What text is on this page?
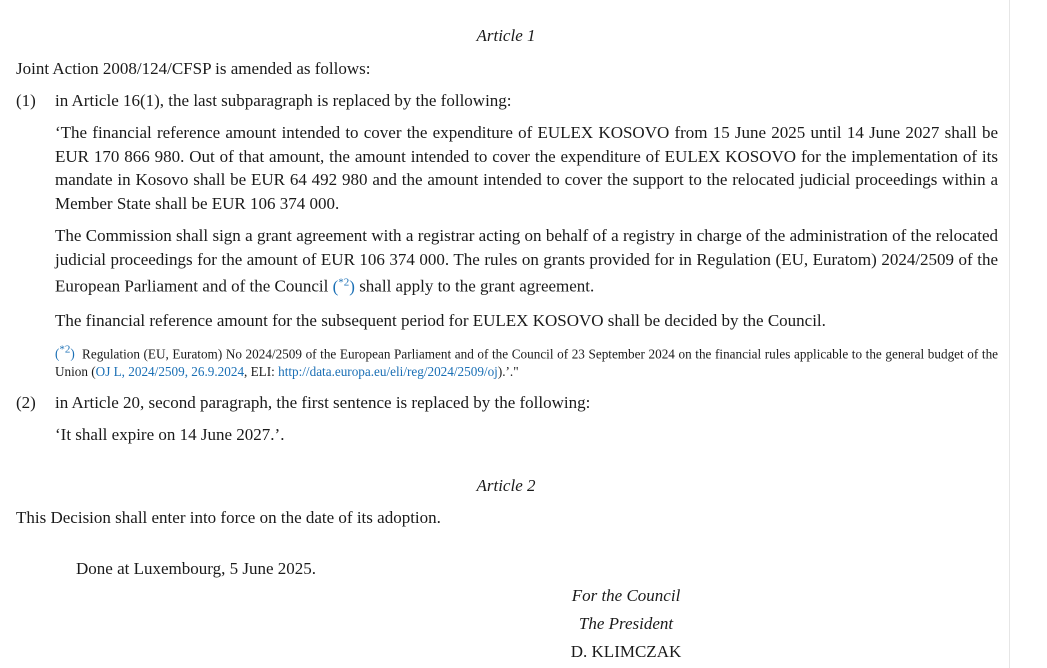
Article 1
Joint Action 2008/124/CFSP is amended as follows:
(1) in Article 16(1), the last subparagraph is replaced by the following:
‘The financial reference amount intended to cover the expenditure of EULEX KOSOVO from 15 June 2025 until 14 June 2027 shall be EUR 170 866 980. Out of that amount, the amount intended to cover the expenditure of EULEX KOSOVO for the implementation of its mandate in Kosovo shall be EUR 64 492 980 and the amount intended to cover the support to the relocated judicial proceedings within a Member State shall be EUR 106 374 000.
The Commission shall sign a grant agreement with a registrar acting on behalf of a registry in charge of the administration of the relocated judicial proceedings for the amount of EUR 106 374 000. The rules on grants provided for in Regulation (EU, Euratom) 2024/2509 of the European Parliament and of the Council ($^{*2}$) shall apply to the grant agreement.
The financial reference amount for the subsequent period for EULEX KOSOVO shall be decided by the Council.
($^{*2}$) Regulation (EU, Euratom) No 2024/2509 of the European Parliament and of the Council of 23 September 2024 on the financial rules applicable to the general budget of the Union (OJ L, 2024/2509, 26.9.2024, ELI: http://data.europa.eu/eli/reg/2024/2509/oj).’."
(2) in Article 20, second paragraph, the first sentence is replaced by the following:
‘It shall expire on 14 June 2027.’.
Article 2
This Decision shall enter into force on the date of its adoption.
Done at Luxembourg, 5 June 2025.
For the Council
The President
D. KLIMCZAK
